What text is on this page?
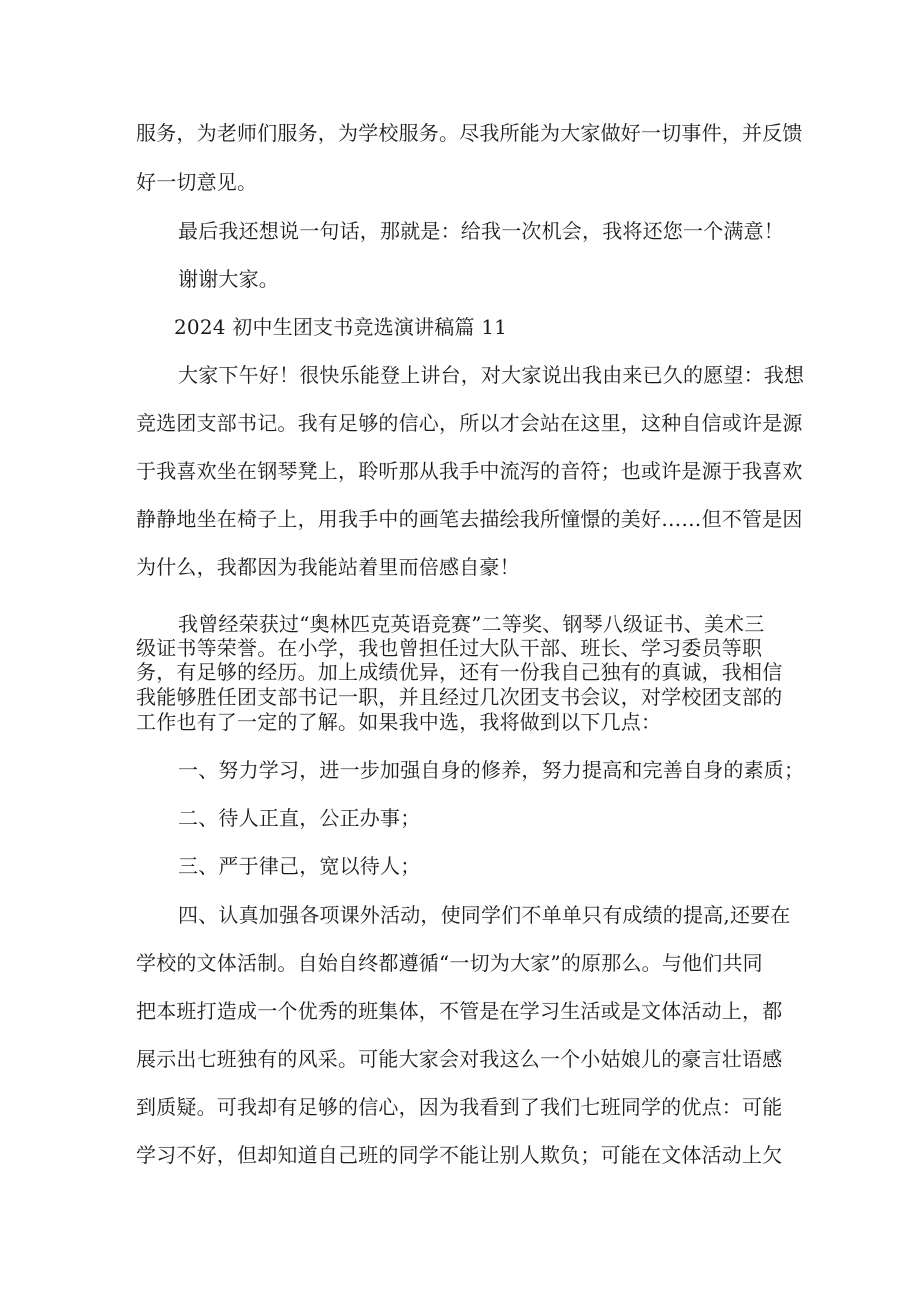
服务，为老师们服务，为学校服务。尽我所能为大家做好一切事件，并反馈
好一切意见。
最后我还想说一句话，那就是：给我一次机会，我将还您一个满意！
谢谢大家。
2024 初中生团支书竞选演讲稿篇 11
大家下午好！很快乐能登上讲台，对大家说出我由来已久的愿望：我想
竞选团支部书记。我有足够的信心，所以才会站在这里，这种自信或许是源
于我喜欢坐在钢琴凳上，聆听那从我手中流泻的音符；也或许是源于我喜欢
静静地坐在椅子上，用我手中的画笔去描绘我所憧憬的美好……但不管是因
为什么，我都因为我能站着里而倍感自豪！
我曾经荣获过“奥林匹克英语竞赛”二等奖、钢琴八级证书、美术三
级证书等荣誉。在小学，我也曾担任过大队干部、班长、学习委员等职
务，有足够的经历。加上成绩优异，还有一份我自己独有的真诚，我相信
我能够胜任团支部书记一职，并且经过几次团支书会议，对学校团支部的
工作也有了一定的了解。如果我中选，我将做到以下几点：
一、努力学习，进一步加强自身的修养，努力提高和完善自身的素质；
二、待人正直，公正办事；
三、严于律己，宽以待人；
四、认真加强各项课外活动，使同学们不单单只有成绩的提高,还要在
学校的文体活制。自始自终都遵循“一切为大家”的原那么。与他们共同
把本班打造成一个优秀的班集体，不管是在学习生活或是文体活动上，都
展示出七班独有的风采。可能大家会对我这么一个小姑娘儿的豪言壮语感
到质疑。可我却有足够的信心，因为我看到了我们七班同学的优点：可能
学习不好，但却知道自己班的同学不能让别人欺负；可能在文体活动上欠
